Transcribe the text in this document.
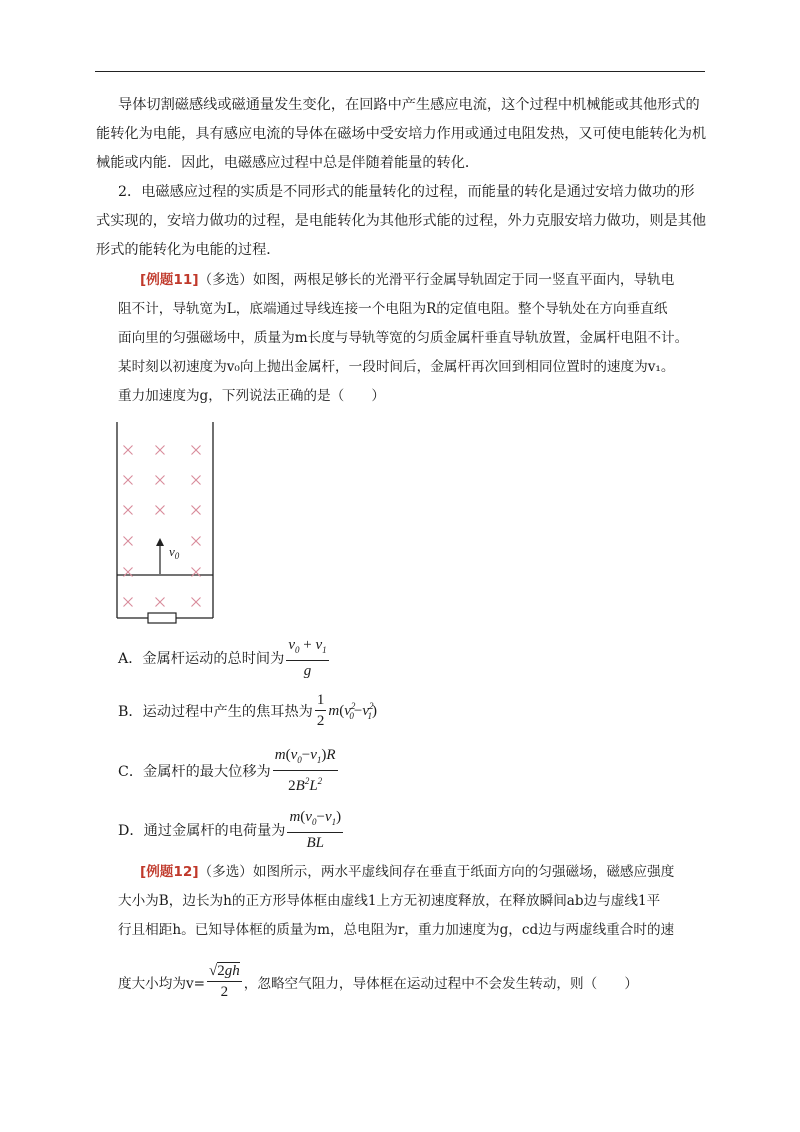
导体切割磁感线或磁通量发生变化，在回路中产生感应电流，这个过程中机械能或其他形式的
能转化为电能，具有感应电流的导体在磁场中受安培力作用或通过电阻发热，又可使电能转化为机
械能或内能．因此，电磁感应过程中总是伴随着能量的转化．
2．电磁感应过程的实质是不同形式的能量转化的过程，而能量的转化是通过安培力做功的形
式实现的，安培力做功的过程，是电能转化为其他形式能的过程，外力克服安培力做功，则是其他
形式的能转化为电能的过程．
[例题11]（多选）如图，两根足够长的光滑平行金属导轨固定于同一竖直平面内，导轨电
阻不计，导轨宽为L，底端通过导线连接一个电阻为R的定值电阻。整个导轨处在方向垂直纸
面向里的匀强磁场中，质量为m长度与导轨等宽的匀质金属杆垂直导轨放置，金属杆电阻不计。
某时刻以初速度为v₀向上抛出金属杆，一段时间后，金属杆再次回到相同位置时的速度为v₁。
重力加速度为g，下列说法正确的是（　　）
$v_0$
A．金属杆运动的总时间为 $\frac{v_0 + v_1}{g}$
B．运动过程中产生的焦耳热为 $\frac{1}{2} m(v^2_0-v^2_1)$
C．金属杆的最大位移为 $\frac{m(v_0-v_1)R}{2B^2L^2}$
D．通过金属杆的电荷量为 $\frac{m(v_0-v_1)}{BL}$
[例题12]（多选）如图所示，两水平虚线间存在垂直于纸面方向的匀强磁场，磁感应强度
大小为B，边长为h的正方形导体框由虚线1上方无初速度释放，在释放瞬间ab边与虚线1平
行且相距h。已知导体框的质量为m，总电阻为r，重力加速度为g，cd边与两虚线重合时的速
度大小均为$v= \frac{√2gh}{2}$ ，忽略空气阻力，导体框在运动过程中不会发生转动，则（　　）
